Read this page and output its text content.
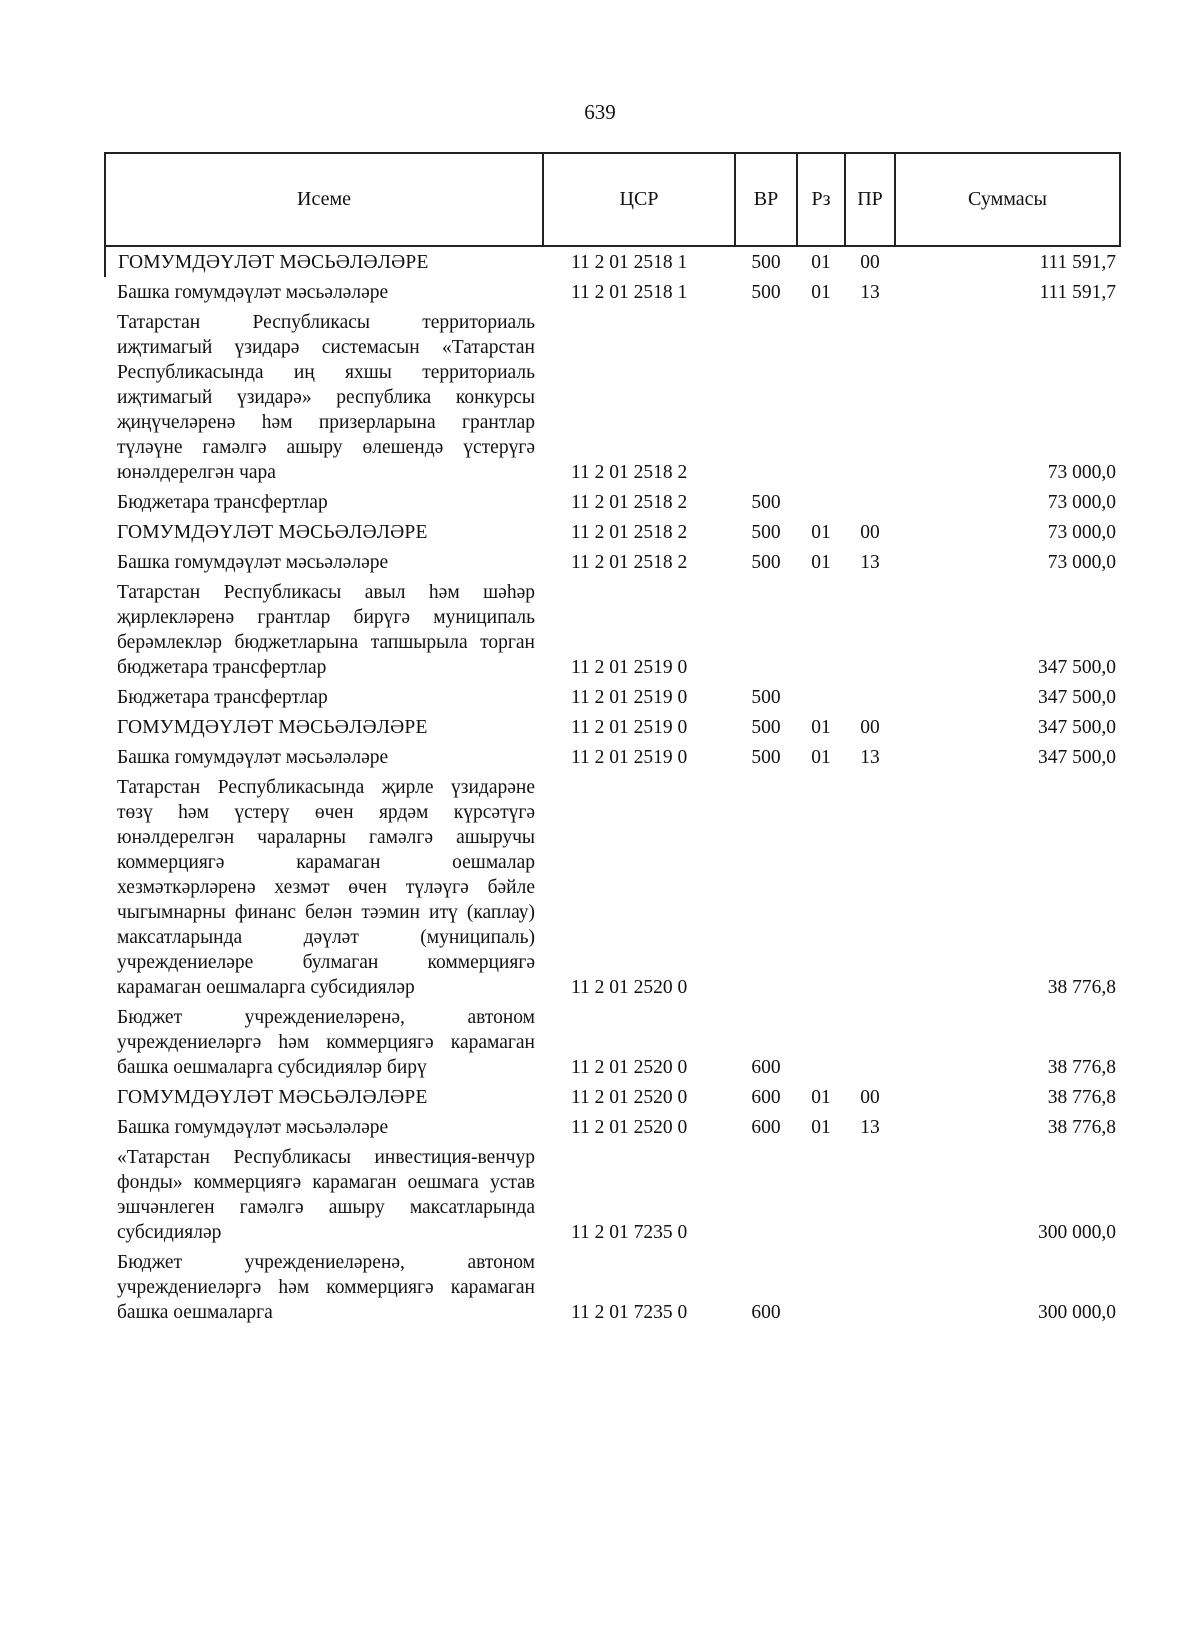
639
Исеме	ЦСР	ВР	Рз	ПР	Суммасы
ГОМУМДӘҮЛӘТ МӘСЬӘЛӘЛӘРЕ	11 2 01 2518 1	500	01	00	111 591,7
Башка гомумдәүләт мәсьәләләре	11 2 01 2518 1	500	01	13	111 591,7
Татарстан Республикасы территориаль иҗтимагый үзидарә системасын «Татарстан Республикасында иң яхшы территориаль иҗтимагый үзидарә» республика конкурсы җиңүчеләренә һәм призерларына грантлар түләүне гамәлгә ашыру өлешендә үстерүгә юнәлдерелгән чара	11 2 01 2518 2				73 000,0
Бюджетара трансфертлар	11 2 01 2518 2	500			73 000,0
ГОМУМДӘҮЛӘТ МӘСЬӘЛӘЛӘРЕ	11 2 01 2518 2	500	01	00	73 000,0
Башка гомумдәүләт мәсьәләләре	11 2 01 2518 2	500	01	13	73 000,0
Татарстан Республикасы авыл һәм шәһәр җирлекләренә грантлар бирүгә муниципаль берәмлекләр бюджетларына тапшырыла торган бюджетара трансфертлар	11 2 01 2519 0				347 500,0
Бюджетара трансфертлар	11 2 01 2519 0	500			347 500,0
ГОМУМДӘҮЛӘТ МӘСЬӘЛӘЛӘРЕ	11 2 01 2519 0	500	01	00	347 500,0
Башка гомумдәүләт мәсьәләләре	11 2 01 2519 0	500	01	13	347 500,0
Татарстан Республикасында җирле үзидарәне төзү һәм үстерү өчен ярдәм күрсәтүгә юнәлдерелгән чараларны гамәлгә ашыручы коммерциягә карамаган оешмалар хезмәткәрләренә хезмәт өчен түләүгә бәйле чыгымнарны финанс белән тәэмин итү (каплау) максатларында дәүләт (муниципаль) учреждениеләре булмаган коммерциягә карамаган оешмаларга субсидияләр	11 2 01 2520 0				38 776,8
Бюджет учреждениеләренә, автоном учреждениеләргә һәм коммерциягә карамаган башка оешмаларга субсидияләр бирү	11 2 01 2520 0	600			38 776,8
ГОМУМДӘҮЛӘТ МӘСЬӘЛӘЛӘРЕ	11 2 01 2520 0	600	01	00	38 776,8
Башка гомумдәүләт мәсьәләләре	11 2 01 2520 0	600	01	13	38 776,8
«Татарстан Республикасы инвестиция-венчур фонды» коммерциягә карамаган оешмага устав эшчәнлеген гамәлгә ашыру максатларында субсидияләр	11 2 01 7235 0				300 000,0
Бюджет учреждениеләренә, автоном учреждениеләргә һәм коммерциягә карамаган башка оешмаларга	11 2 01 7235 0	600			300 000,0
